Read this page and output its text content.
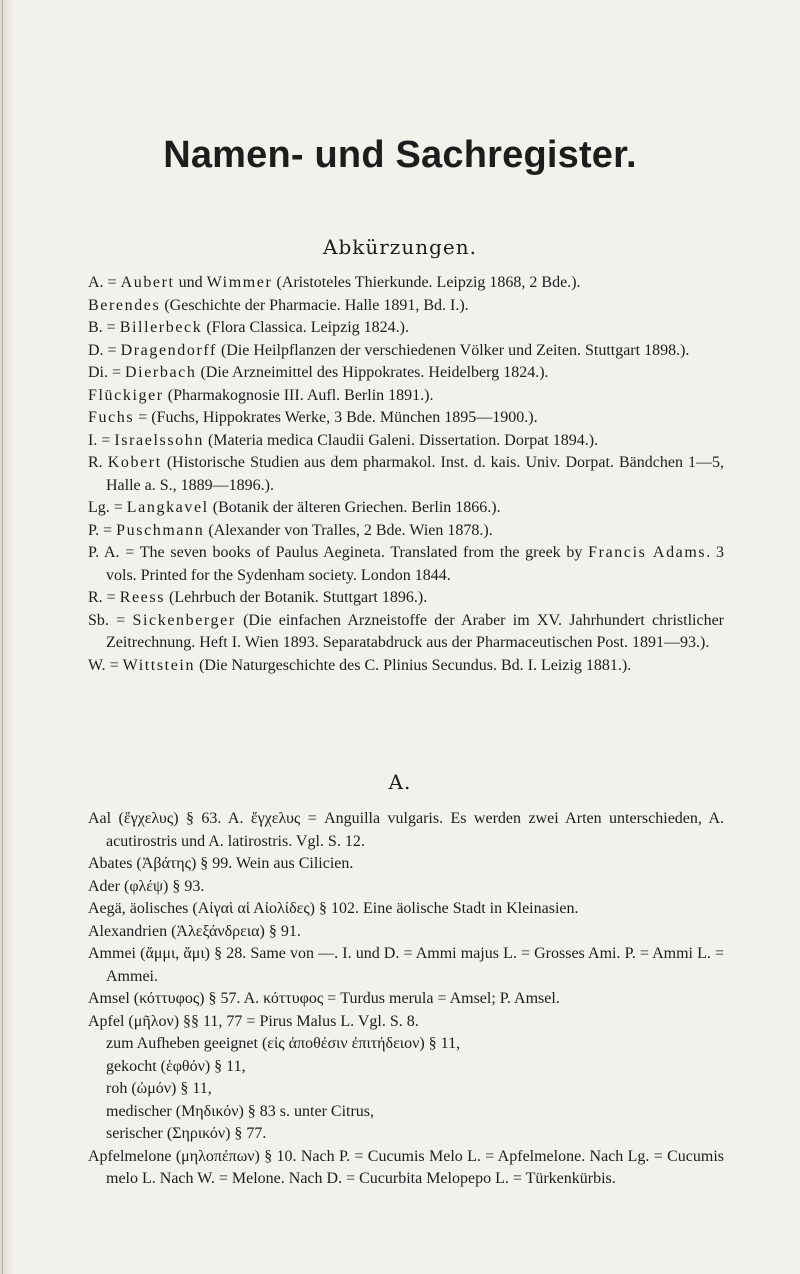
Namen- und Sachregister.
Abkürzungen.
A. = Aubert und Wimmer (Aristoteles Thierkunde. Leipzig 1868, 2 Bde.).
Berendes (Geschichte der Pharmacie. Halle 1891, Bd. I.).
B. = Billerbeck (Flora Classica. Leipzig 1824.).
D. = Dragendorff (Die Heilpflanzen der verschiedenen Völker und Zeiten. Stuttgart 1898.).
Di. = Dierbach (Die Arzneimittel des Hippokrates. Heidelberg 1824.).
Flückiger (Pharmakognosie III. Aufl. Berlin 1891.).
Fuchs = (Fuchs, Hippokrates Werke, 3 Bde. München 1895—1900.).
I. = Israelssohn (Materia medica Claudii Galeni. Dissertation. Dorpat 1894.).
R. Kobert (Historische Studien aus dem pharmakol. Inst. d. kais. Univ. Dorpat. Bändchen 1—5, Halle a. S., 1889—1896.).
Lg. = Langkavel (Botanik der älteren Griechen. Berlin 1866.).
P. = Puschmann (Alexander von Tralles, 2 Bde. Wien 1878.).
P. A. = The seven books of Paulus Aegineta. Translated from the greek by Francis Adams. 3 vols. Printed for the Sydenham society. London 1844.
R. = Reess (Lehrbuch der Botanik. Stuttgart 1896.).
Sb. = Sickenberger (Die einfachen Arzneistoffe der Araber im XV. Jahrhundert christlicher Zeitrechnung. Heft I. Wien 1893. Separatabdruck aus der Pharmaceutischen Post. 1891—93.).
W. = Wittstein (Die Naturgeschichte des C. Plinius Secundus. Bd. I. Leizig 1881.).
A.
Aal (ἔγχελυς) § 63. A. ἔγχελυς = Anguilla vulgaris. Es werden zwei Arten unterschieden, A. acutirostris und A. latirostris. Vgl. S. 12.
Abates (Ἀβάτης) § 99. Wein aus Cilicien.
Ader (φλέψ) § 93.
Aegä, äolisches (Αἰγαὶ αἱ Αἰολίδες) § 102. Eine äolische Stadt in Kleinasien.
Alexandrien (Ἀλεξάνδρεια) § 91.
Ammei (ἄμμι, ἄμι) § 28. Same von —. I. und D. = Ammi majus L. = Grosses Ami. P. = Ammi L. = Ammei.
Amsel (κόττυφος) § 57. A. κόττυφος = Turdus merula = Amsel; P. Amsel.
Apfel (μῆλον) §§ 11, 77 = Pirus Malus L. Vgl. S. 8.
zum Aufheben geeignet (εἰς ἀποθέσιν ἐπιτήδειον) § 11,
gekocht (ἑφθόν) § 11,
roh (ὠμόν) § 11,
medischer (Μηδικόν) § 83 s. unter Citrus,
serischer (Σηρικόν) § 77.
Apfelmelone (μηλοπέπων) § 10. Nach P. = Cucumis Melo L. = Apfelmelone. Nach Lg. = Cucumis melo L. Nach W. = Melone. Nach D. = Cucurbita Melopepo L. = Türkenkürbis.
